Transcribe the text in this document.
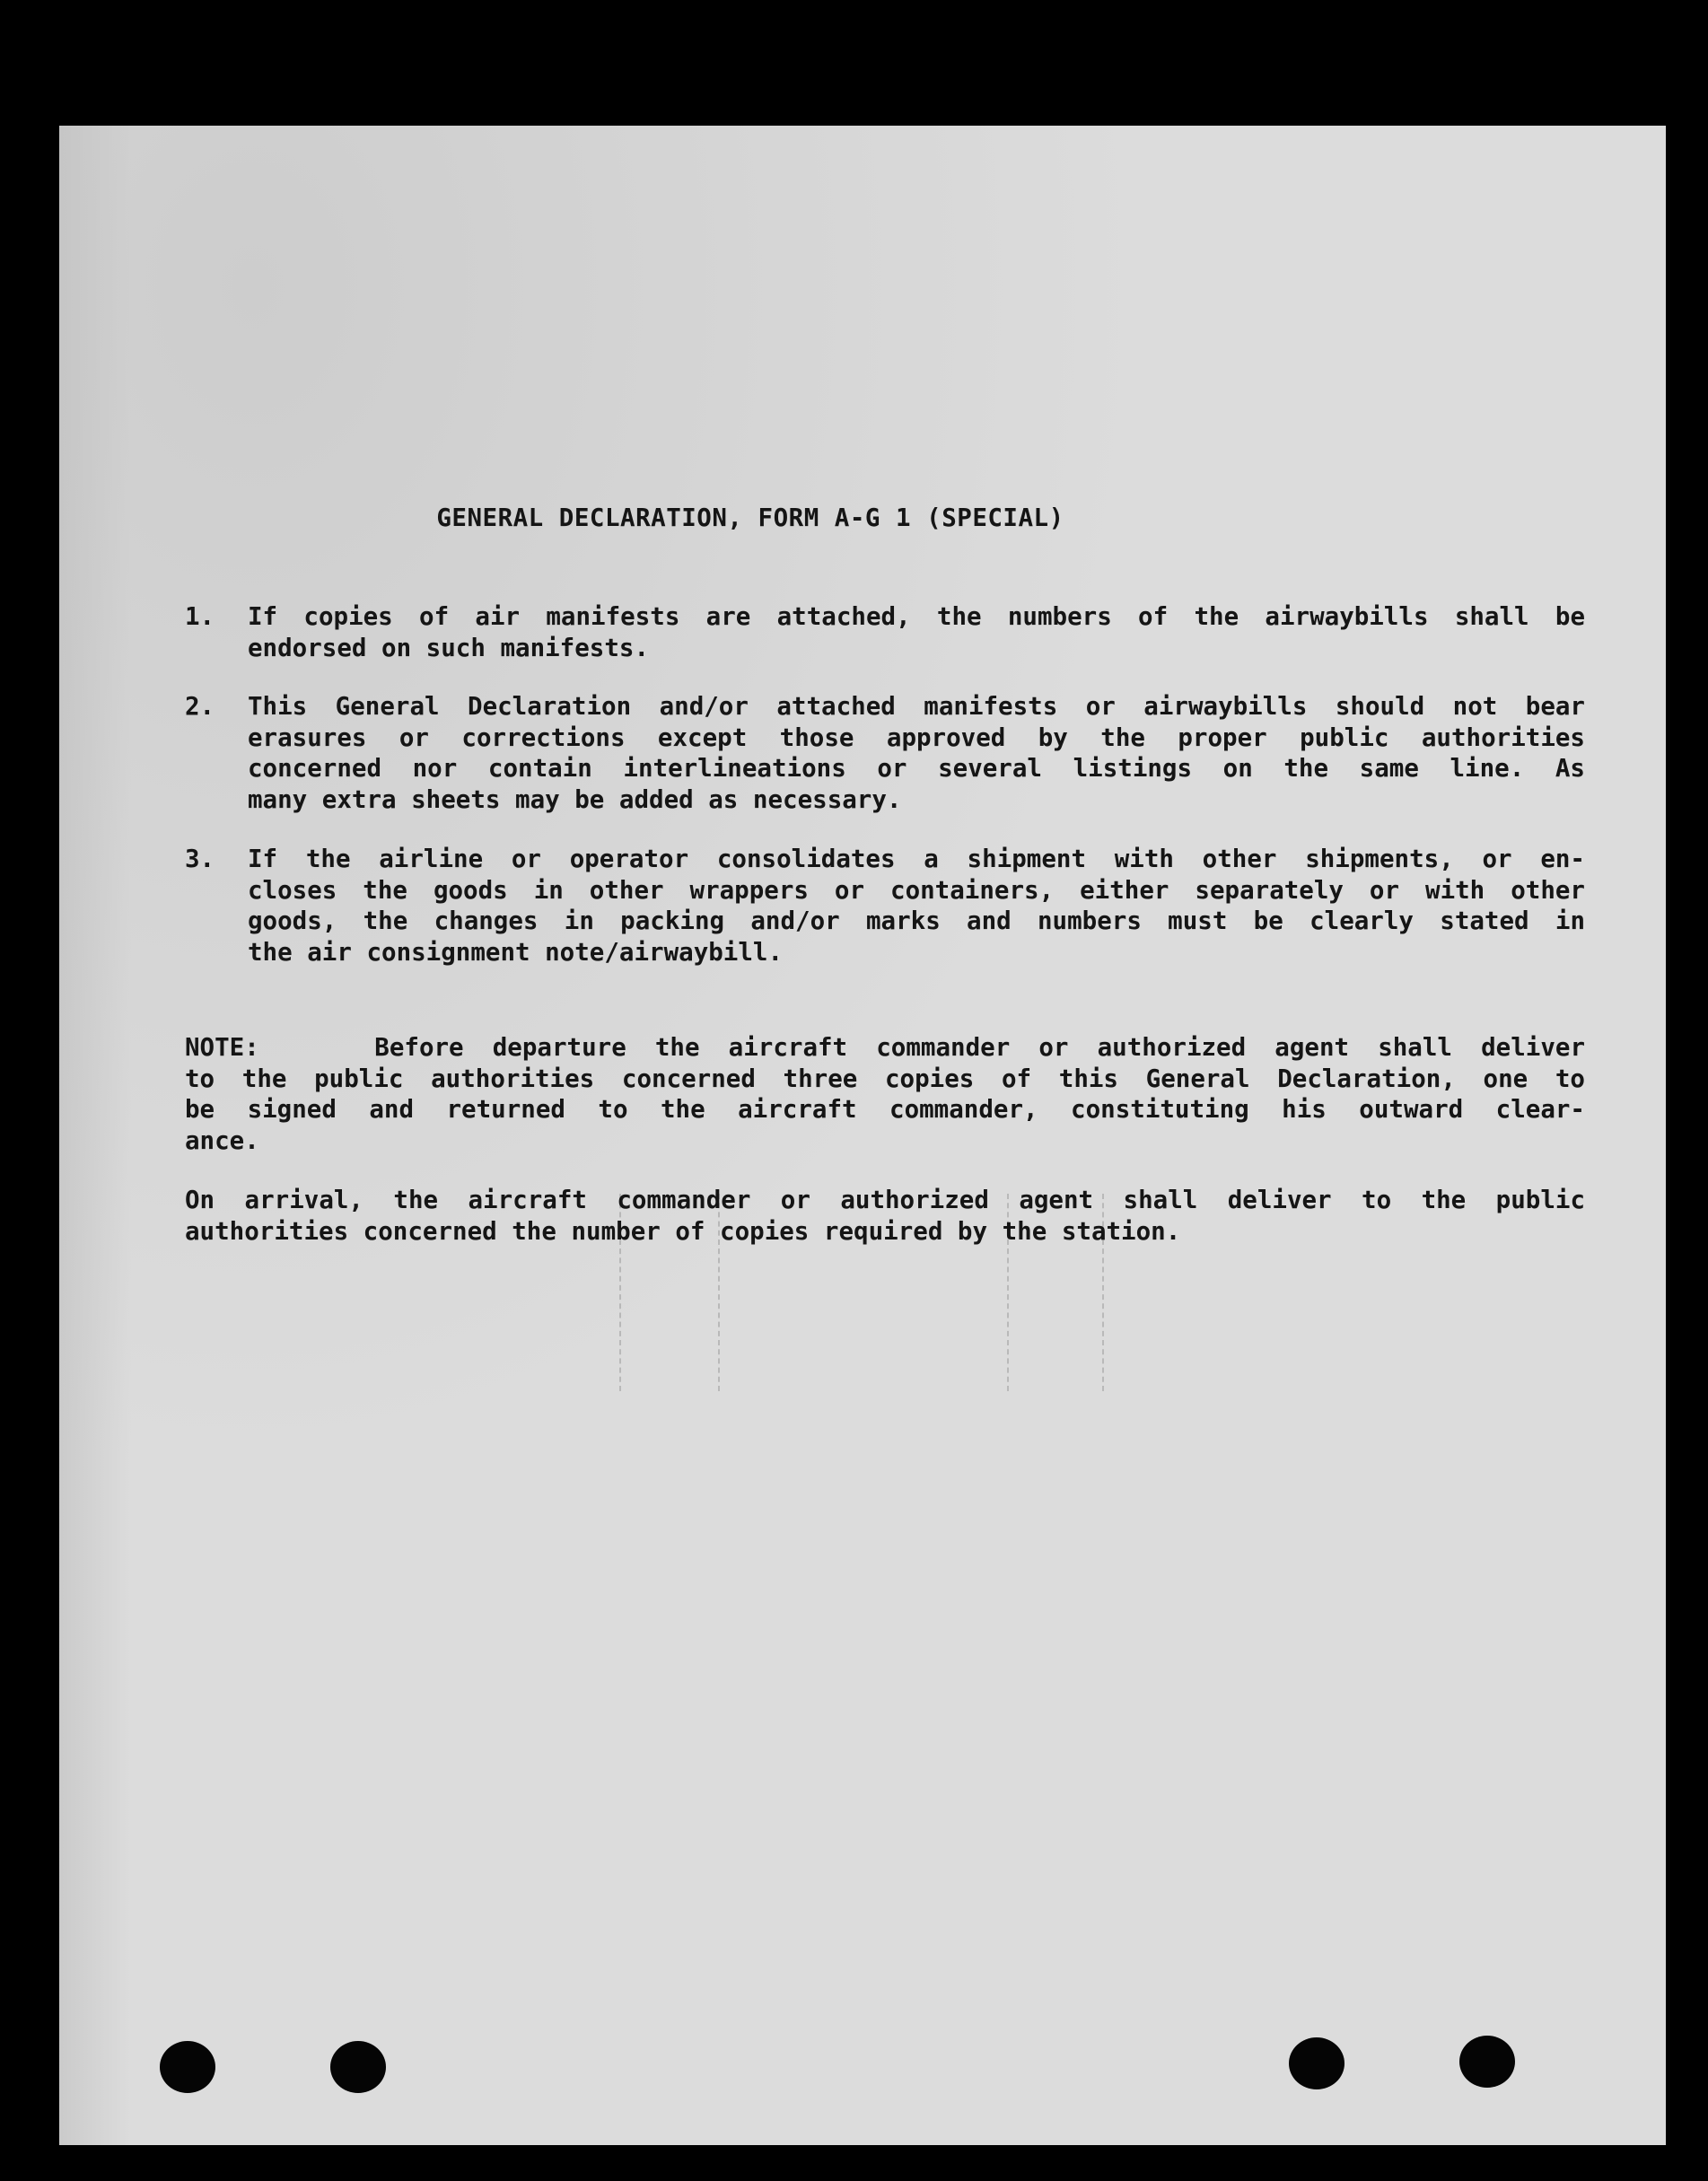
GENERAL DECLARATION, FORM A-G 1 (SPECIAL)
1.	If copies of air manifests are attached, the numbers of the airwaybills shall be
endorsed on such manifests.
2.	This General Declaration and/or attached manifests or airwaybills should not bear
erasures or corrections except those approved by the proper public authorities
concerned nor contain interlineations or several listings on the same line. As
many extra sheets may be added as necessary.
3.	If the airline or operator consolidates a shipment with other shipments, or en-
closes the goods in other wrappers or containers, either separately or with other
goods, the changes in packing and/or marks and numbers must be clearly stated in
the air consignment note/airwaybill.
NOTE:    Before departure the aircraft commander or authorized agent shall deliver
to the public authorities concerned three copies of this General Declaration, one to
be signed and returned to the aircraft commander, constituting his outward clear-
ance.
On arrival, the aircraft commander or authorized agent shall deliver to the public
authorities concerned the number of copies required by the station.
